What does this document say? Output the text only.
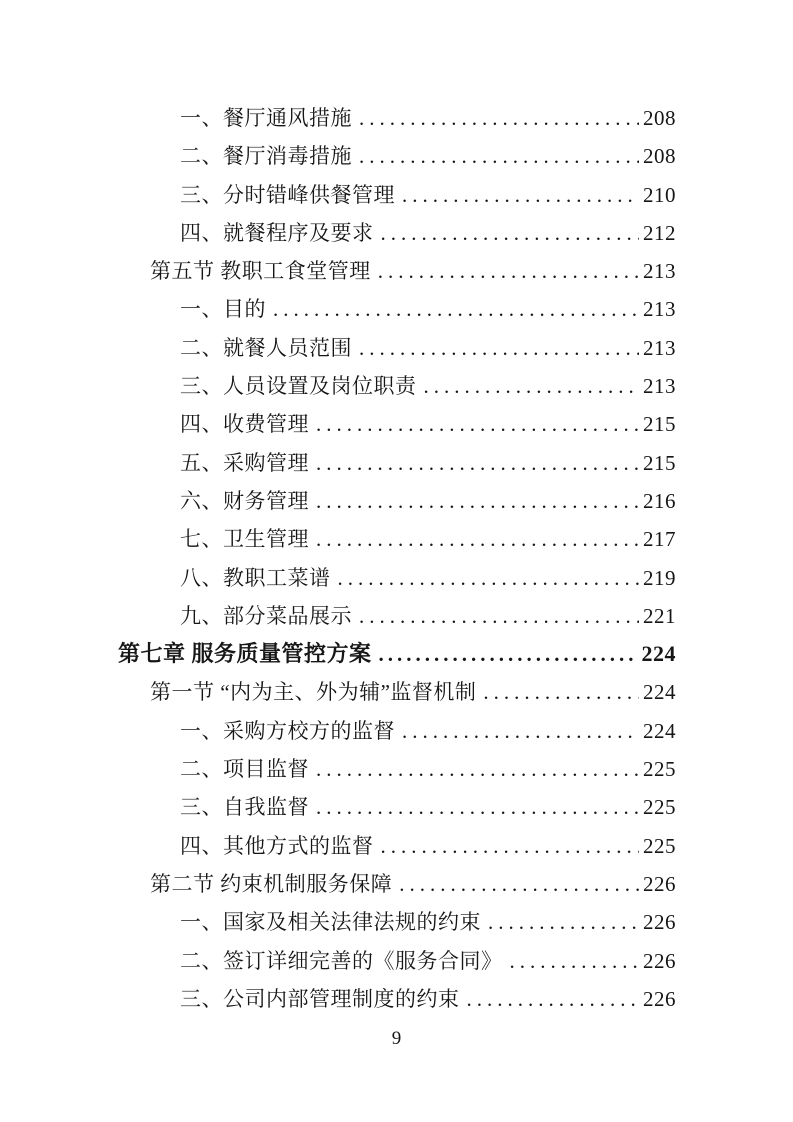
一、餐厅通风措施 .....	208
二、餐厅消毒措施 .....	208
三、分时错峰供餐管理 .....	210
四、就餐程序及要求 .....	212
第五节 教职工食堂管理 .....	213
一、目的 .....	213
二、就餐人员范围 .....	213
三、人员设置及岗位职责 .....	213
四、收费管理 .....	215
五、采购管理 .....	215
六、财务管理 .....	216
七、卫生管理 .....	217
八、教职工菜谱 .....	219
九、部分菜品展示 .....	221
第七章 服务质量管控方案 .....	224
第一节 “内为主、外为辅”监督机制 .....	224
一、采购方校方的监督 .....	224
二、项目监督 .....	225
三、自我监督 .....	225
四、其他方式的监督 .....	225
第二节 约束机制服务保障 .....	226
一、国家及相关法律法规的约束 .....	226
二、签订详细完善的《服务合同》 .....	226
三、公司内部管理制度的约束 .....	226
9
